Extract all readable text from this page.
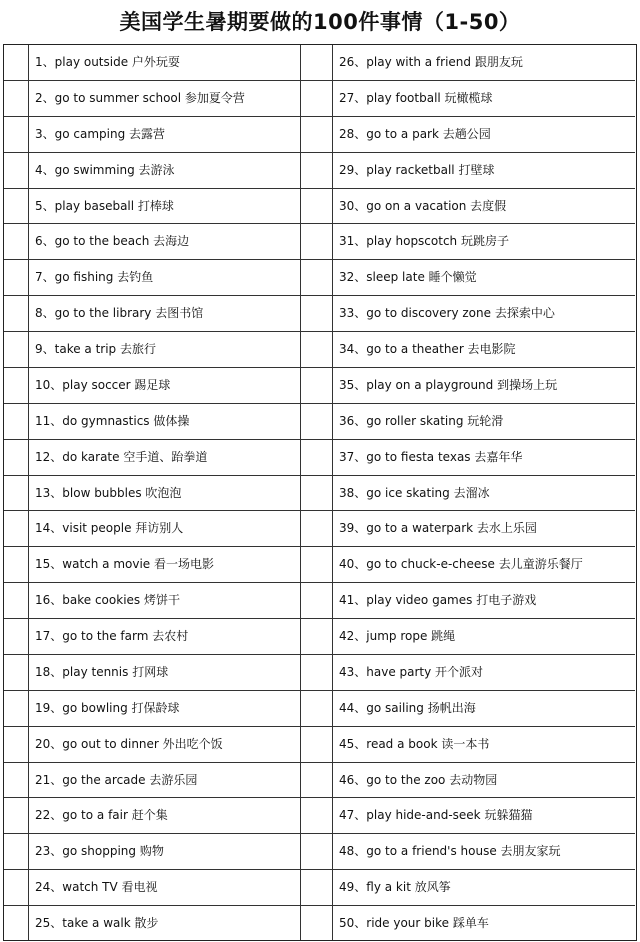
美国学生暑期要做的100件事情（1-50）
1、play outside 户外玩耍	26、play with a friend 跟朋友玩
2、go to summer school 参加夏令营	27、play football 玩橄榄球
3、go camping 去露营	28、go to a park 去趟公园
4、go swimming 去游泳	29、play racketball 打壁球
5、play baseball 打棒球	30、go on a vacation 去度假
6、go to the beach 去海边	31、play hopscotch 玩跳房子
7、go fishing 去钓鱼	32、sleep late 睡个懒觉
8、go to the library 去图书馆	33、go to discovery zone 去探索中心
9、take a trip 去旅行	34、go to a theather 去电影院
10、play soccer 踢足球	35、play on a playground 到操场上玩
11、do gymnastics 做体操	36、go roller skating 玩轮滑
12、do karate 空手道、跆拳道	37、go to fiesta texas 去嘉年华
13、blow bubbles 吹泡泡	38、go ice skating 去溜冰
14、visit people 拜访别人	39、go to a waterpark 去水上乐园
15、watch a movie 看一场电影	40、go to chuck-e-cheese 去儿童游乐餐厅
16、bake cookies 烤饼干	41、play video games 打电子游戏
17、go to the farm 去农村	42、jump rope 跳绳
18、play tennis 打网球	43、have party 开个派对
19、go bowling 打保龄球	44、go sailing 扬帆出海
20、go out to dinner 外出吃个饭	45、read a book 读一本书
21、go the arcade 去游乐园	46、go to the zoo 去动物园
22、go to a fair 赶个集	47、play hide-and-seek 玩躲猫猫
23、go shopping 购物	48、go to a friend's house 去朋友家玩
24、watch TV 看电视	49、fly a kit 放风筝
25、take a walk 散步	50、ride your bike 踩单车
